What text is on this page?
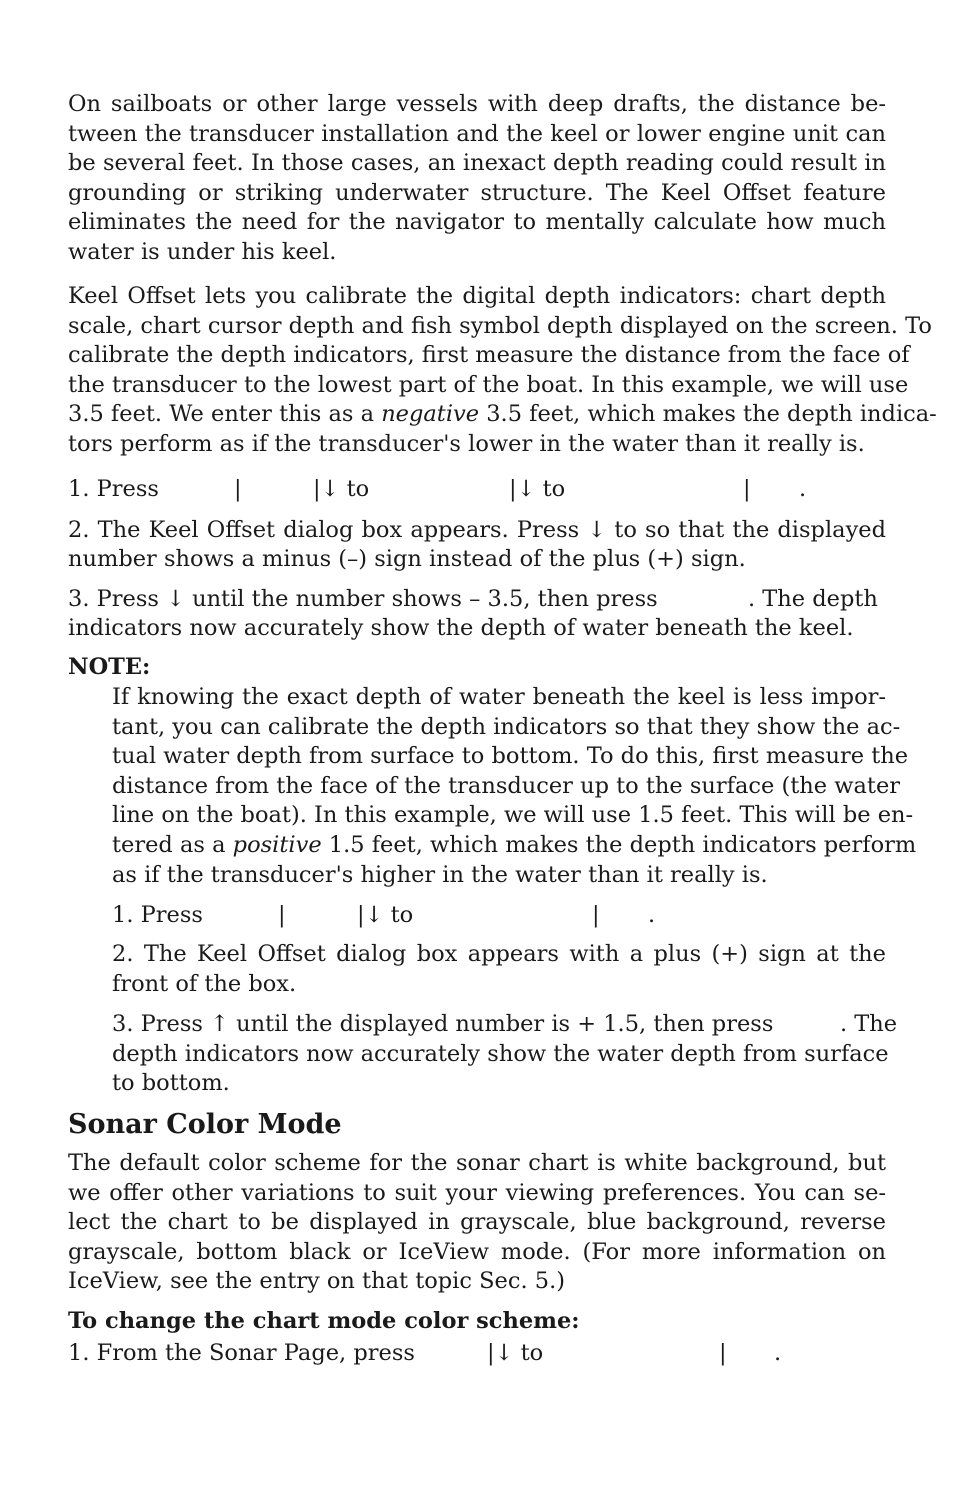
On sailboats or other large vessels with deep drafts, the distance be-

tween the transducer installation and the keel or lower engine unit can

be several feet. In those cases, an inexact depth reading could result in

grounding or striking underwater structure. The Keel Offset feature

eliminates the need for the navigator to mentally calculate how much

water is under his keel.

Keel Offset lets you calibrate the digital depth indicators: chart depth

scale, chart cursor depth and fish symbol depth displayed on the screen. To

calibrate the depth indicators, first measure the distance from the face of

the transducer to the lowest part of the boat. In this example, we will use

3.5 feet. We enter this as a negative 3.5 feet, which makes the depth indica-

tors perform as if the transducer's lower in the water than it really is.

1. Press	|	|↓ to	|↓ to	| .

2. The Keel Offset dialog box appears. Press ↓ to so that the displayed

number shows a minus (–) sign instead of the plus (+) sign.

3. Press ↓ until the number shows – 3.5, then press	. The depth

indicators now accurately show the depth of water beneath the keel.

NOTE:

If knowing the exact depth of water beneath the keel is less impor-

tant, you can calibrate the depth indicators so that they show the ac-

tual water depth from surface to bottom. To do this, first measure the

distance from the face of the transducer up to the surface (the water

line on the boat). In this example, we will use 1.5 feet. This will be en-

tered as a positive 1.5 feet, which makes the depth indicators perform

as if the transducer's higher in the water than it really is.

1. Press	|	|↓ to	| .

2. The Keel Offset dialog box appears with a plus (+) sign at the

front of the box.

3. Press ↑ until the displayed number is + 1.5, then press	. The

depth indicators now accurately show the water depth from surface

to bottom.

Sonar Color Mode

The default color scheme for the sonar chart is white background, but

we offer other variations to suit your viewing preferences. You can se-

lect the chart to be displayed in grayscale, blue background, reverse

grayscale, bottom black or IceView mode. (For more information on

IceView, see the entry on that topic Sec. 5.)

To change the chart mode color scheme:

1. From the Sonar Page, press	|↓ to	| .
